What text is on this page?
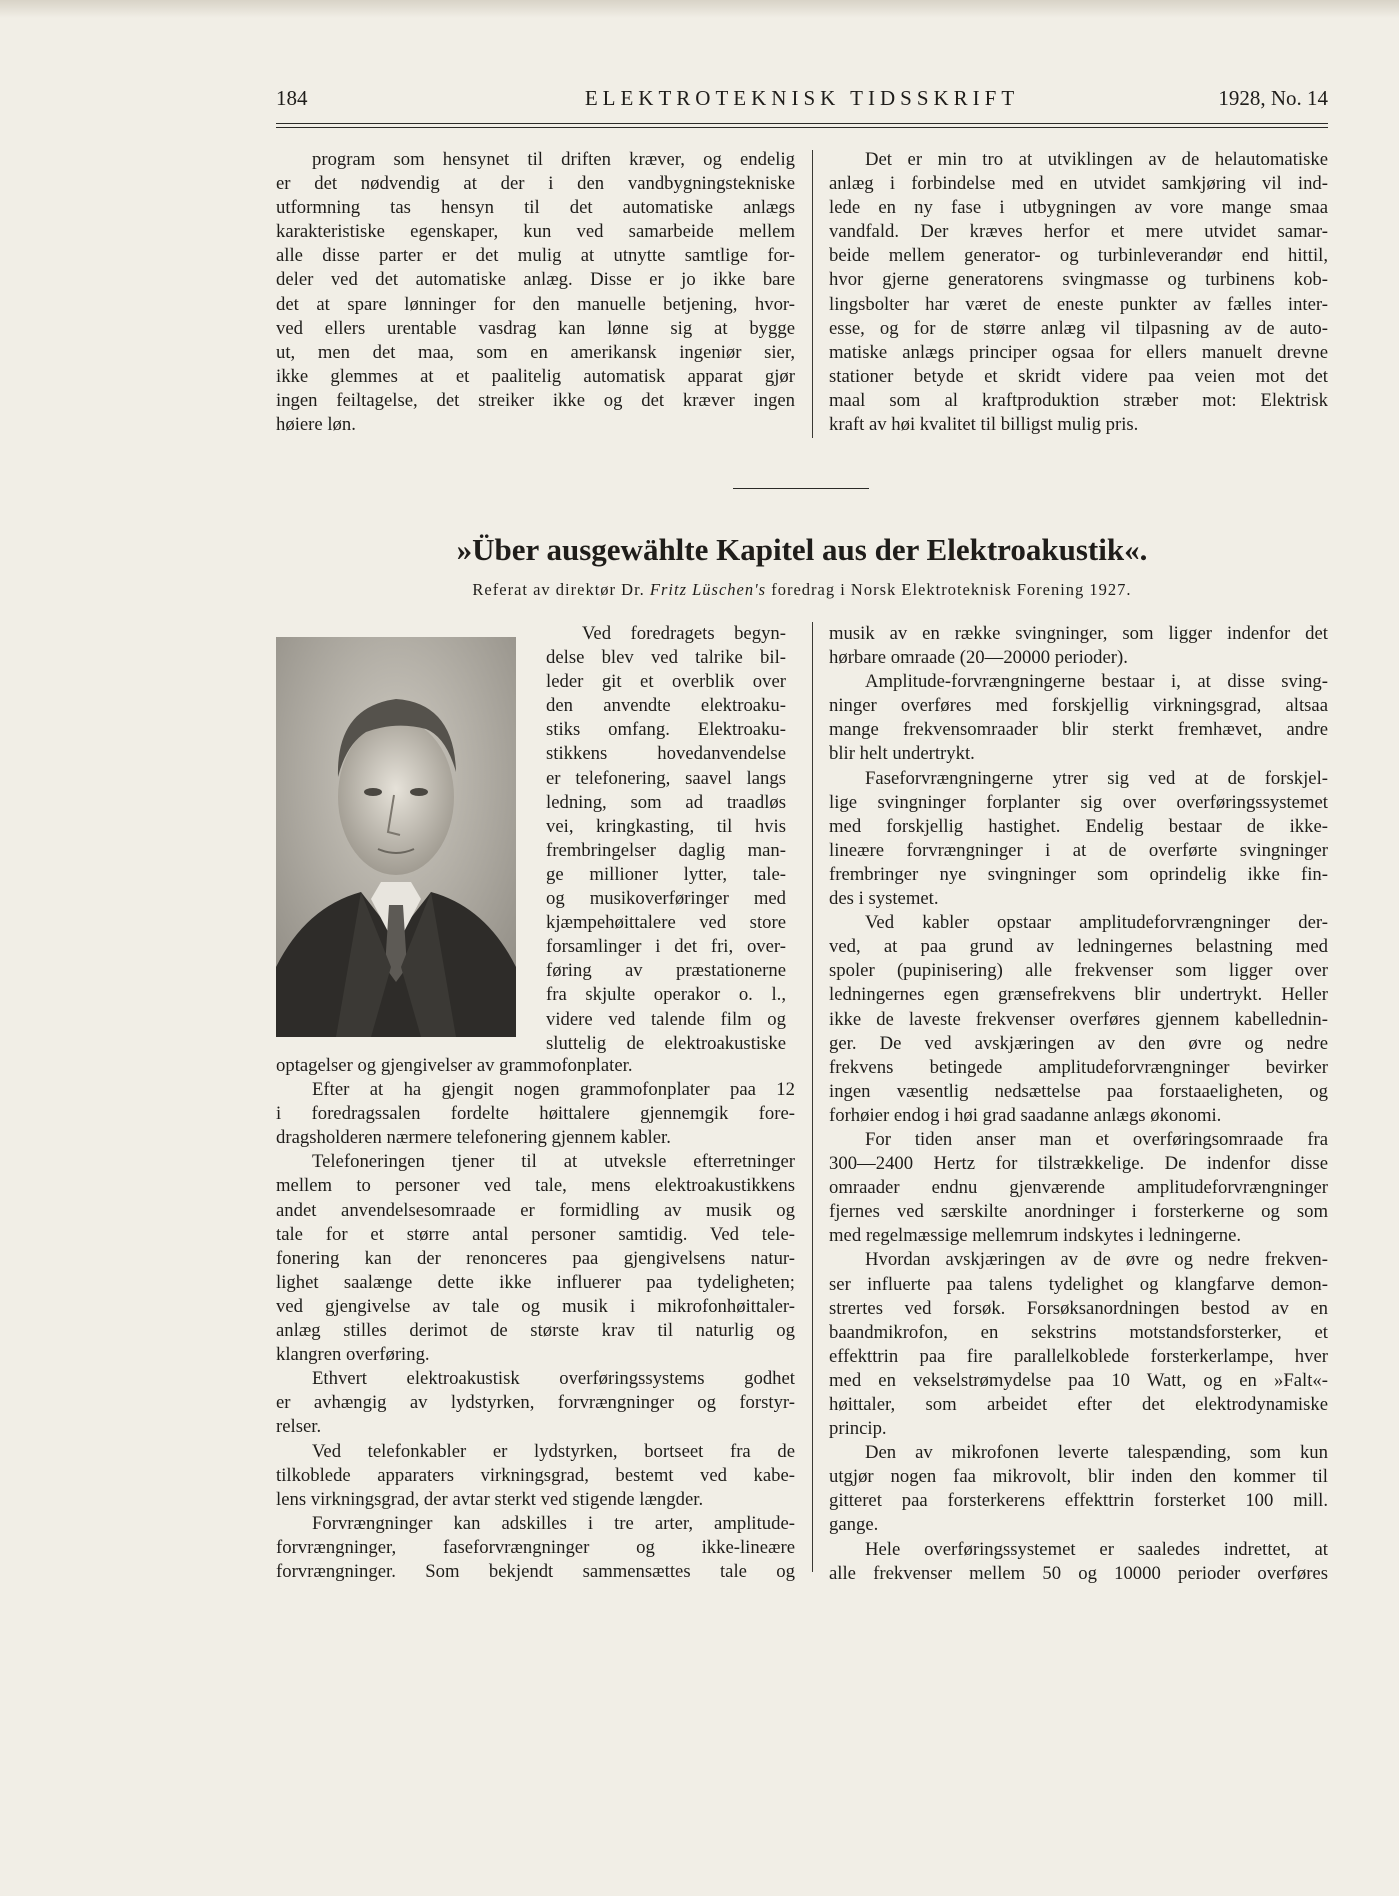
184	ELEKTROTEKNISK TIDSSKRIFT	1928, No. 14
program som hensynet til driften kræver, og endelig
er det nødvendig at der i den vandbygningstekniske
utformning tas hensyn til det automatiske anlægs
karakteristiske egenskaper, kun ved samarbeide mellem
alle disse parter er det mulig at utnytte samtlige for-
deler ved det automatiske anlæg. Disse er jo ikke bare
det at spare lønninger for den manuelle betjening, hvor-
ved ellers urentable vasdrag kan lønne sig at bygge
ut, men det maa, som en amerikansk ingeniør sier,
ikke glemmes at et paalitelig automatisk apparat gjør
ingen feiltagelse, det streiker ikke og det kræver ingen
høiere løn.
Det er min tro at utviklingen av de helautomatiske
anlæg i forbindelse med en utvidet samkjøring vil ind-
lede en ny fase i utbygningen av vore mange smaa
vandfald. Der kræves herfor et mere utvidet samar-
beide mellem generator- og turbinleverandør end hittil,
hvor gjerne generatorens svingmasse og turbinens kob-
lingsbolter har været de eneste punkter av fælles inter-
esse, og for de større anlæg vil tilpasning av de auto-
matiske anlægs principer ogsaa for ellers manuelt drevne
stationer betyde et skridt videre paa veien mot det
maal som al kraftproduktion stræber mot: Elektrisk
kraft av høi kvalitet til billigst mulig pris.
»Über ausgewählte Kapitel aus der Elektroakustik«.
Referat av direktør Dr. Fritz Lüschen's foredrag i Norsk Elektroteknisk Forening 1927.
Ved foredragets begyn-
delse blev ved talrike bil-
leder git et overblik over
den anvendte elektroaku-
stiks omfang. Elektroaku-
stikkens hovedanvendelse
er telefonering, saavel langs
ledning, som ad traadløs
vei, kringkasting, til hvis
frembringelser daglig man-
ge millioner lytter, tale-
og musikoverføringer med
kjæmpehøittalere ved store
forsamlinger i det fri, over-
føring av præstationerne
fra skjulte operakor o. l.,
videre ved talende film og
sluttelig de elektroakustiske
optagelser og gjengivelser av grammofonplater.
Efter at ha gjengit nogen grammofonplater paa 12
i foredragssalen fordelte høittalere gjennemgik fore-
dragsholderen nærmere telefonering gjennem kabler.
Telefoneringen tjener til at utveksle efterretninger
mellem to personer ved tale, mens elektroakustikkens
andet anvendelsesomraade er formidling av musik og
tale for et større antal personer samtidig. Ved tele-
fonering kan der renonceres paa gjengivelsens natur-
lighet saalænge dette ikke influerer paa tydeligheten;
ved gjengivelse av tale og musik i mikrofonhøittaler-
anlæg stilles derimot de største krav til naturlig og
klangren overføring.
Ethvert elektroakustisk overføringssystems godhet
er avhængig av lydstyrken, forvrængninger og forstyr-
relser.
Ved telefonkabler er lydstyrken, bortseet fra de
tilkoblede apparaters virkningsgrad, bestemt ved kabe-
lens virkningsgrad, der avtar sterkt ved stigende længder.
Forvrængninger kan adskilles i tre arter, amplitude-
forvrængninger, faseforvrængninger og ikke-lineære
forvrængninger. Som bekjendt sammensættes tale og
musik av en række svingninger, som ligger indenfor det
hørbare omraade (20—20000 perioder).
Amplitude-forvrængningerne bestaar i, at disse sving-
ninger overføres med forskjellig virkningsgrad, altsaa
mange frekvensomraader blir sterkt fremhævet, andre
blir helt undertrykt.
Faseforvrængningerne ytrer sig ved at de forskjel-
lige svingninger forplanter sig over overføringssystemet
med forskjellig hastighet. Endelig bestaar de ikke-
lineære forvrængninger i at de overførte svingninger
frembringer nye svingninger som oprindelig ikke fin-
des i systemet.
Ved kabler opstaar amplitudeforvrængninger der-
ved, at paa grund av ledningernes belastning med
spoler (pupinisering) alle frekvenser som ligger over
ledningernes egen grænsefrekvens blir undertrykt. Heller
ikke de laveste frekvenser overføres gjennem kabellednin-
ger. De ved avskjæringen av den øvre og nedre
frekvens betingede amplitudeforvrængninger bevirker
ingen væsentlig nedsættelse paa forstaaeligheten, og
forhøier endog i høi grad saadanne anlægs økonomi.
For tiden anser man et overføringsomraade fra
300—2400 Hertz for tilstrækkelige. De indenfor disse
omraader endnu gjenværende amplitudeforvrængninger
fjernes ved særskilte anordninger i forsterkerne og som
med regelmæssige mellemrum indskytes i ledningerne.
Hvordan avskjæringen av de øvre og nedre frekven-
ser influerte paa talens tydelighet og klangfarve demon-
strertes ved forsøk. Forsøksanordningen bestod av en
baandmikrofon, en sekstrins motstandsforsterker, et
effekttrin paa fire parallelkoblede forsterkerlampe, hver
med en vekselstrømydelse paa 10 Watt, og en »Falt«-
høittaler, som arbeidet efter det elektrodynamiske
princip.
Den av mikrofonen leverte talespænding, som kun
utgjør nogen faa mikrovolt, blir inden den kommer til
gitteret paa forsterkerens effekttrin forsterket 100 mill.
gange.
Hele overføringssystemet er saaledes indrettet, at
alle frekvenser mellem 50 og 10000 perioder overføres
